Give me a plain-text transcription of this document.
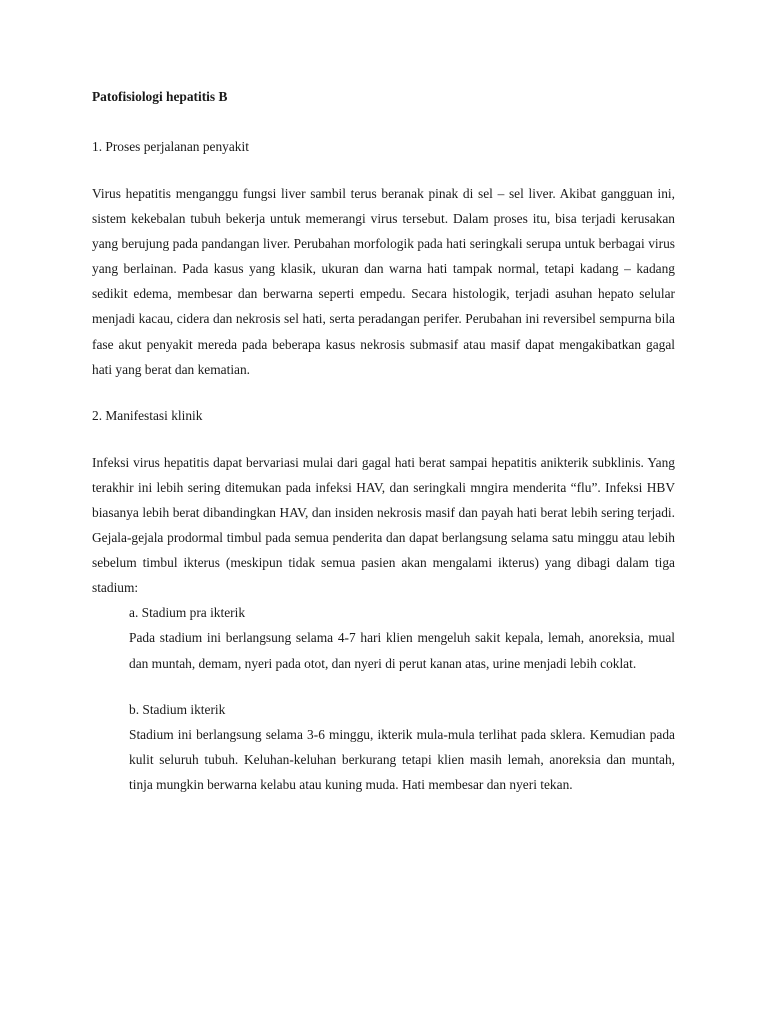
Patofisiologi hepatitis B

1. Proses perjalanan penyakit

Virus hepatitis menganggu fungsi liver sambil terus beranak pinak di sel – sel liver. Akibat gangguan ini, sistem kekebalan tubuh bekerja untuk memerangi virus tersebut. Dalam proses itu, bisa terjadi kerusakan yang berujung pada pandangan liver. Perubahan morfologik pada hati seringkali serupa untuk berbagai virus yang berlainan. Pada kasus yang klasik, ukuran dan warna hati tampak normal, tetapi kadang – kadang sedikit edema, membesar dan berwarna seperti empedu. Secara histologik, terjadi asuhan hepato selular menjadi kacau, cidera dan nekrosis sel hati, serta peradangan perifer. Perubahan ini reversibel sempurna bila fase akut penyakit mereda pada beberapa kasus nekrosis submasif atau masif dapat mengakibatkan gagal hati yang berat dan kematian.

2. Manifestasi klinik

Infeksi virus hepatitis dapat bervariasi mulai dari gagal hati berat sampai hepatitis anikterik subklinis. Yang terakhir ini lebih sering ditemukan pada infeksi HAV, dan seringkali mngira menderita “flu”. Infeksi HBV biasanya lebih berat dibandingkan HAV, dan insiden nekrosis masif dan payah hati berat lebih sering terjadi. Gejala-gejala prodormal timbul pada semua penderita dan dapat berlangsung selama satu minggu atau lebih sebelum timbul ikterus (meskipun tidak semua pasien akan mengalami ikterus) yang dibagi dalam tiga stadium:

a. Stadium pra ikterik

Pada stadium ini berlangsung selama 4-7 hari klien mengeluh sakit kepala, lemah, anoreksia, mual dan muntah, demam, nyeri pada otot, dan nyeri di perut kanan atas, urine menjadi lebih coklat.

b. Stadium ikterik

Stadium ini berlangsung selama 3-6 minggu, ikterik mula-mula terlihat pada sklera. Kemudian pada kulit seluruh tubuh. Keluhan-keluhan berkurang tetapi klien masih lemah, anoreksia dan muntah, tinja mungkin berwarna kelabu atau kuning muda. Hati membesar dan nyeri tekan.
